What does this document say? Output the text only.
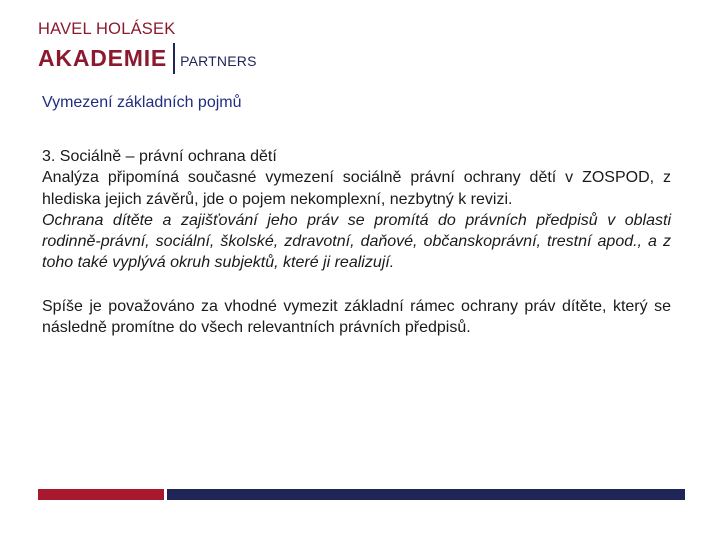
HAVEL HOLÁSEK
AKADEMIE PARTNERS
Vymezení základních pojmů

3. Sociálně – právní ochrana dětí

Analýza připomíná současné vymezení sociálně právní ochrany dětí v ZOSPOD, z hlediska jejich závěrů, jde o pojem nekomplexní, nezbytný k revizi.

Ochrana dítěte a zajišťování jeho práv se promítá do právních předpisů v oblasti rodinně-právní, sociální, školské, zdravotní, daňové, občanskoprávní, trestní apod., a z toho také vyplývá okruh subjektů, které ji realizují.

Spíše je považováno za vhodné vymezit základní rámec ochrany práv dítěte, který se následně promítne do všech relevantních právních předpisů.
